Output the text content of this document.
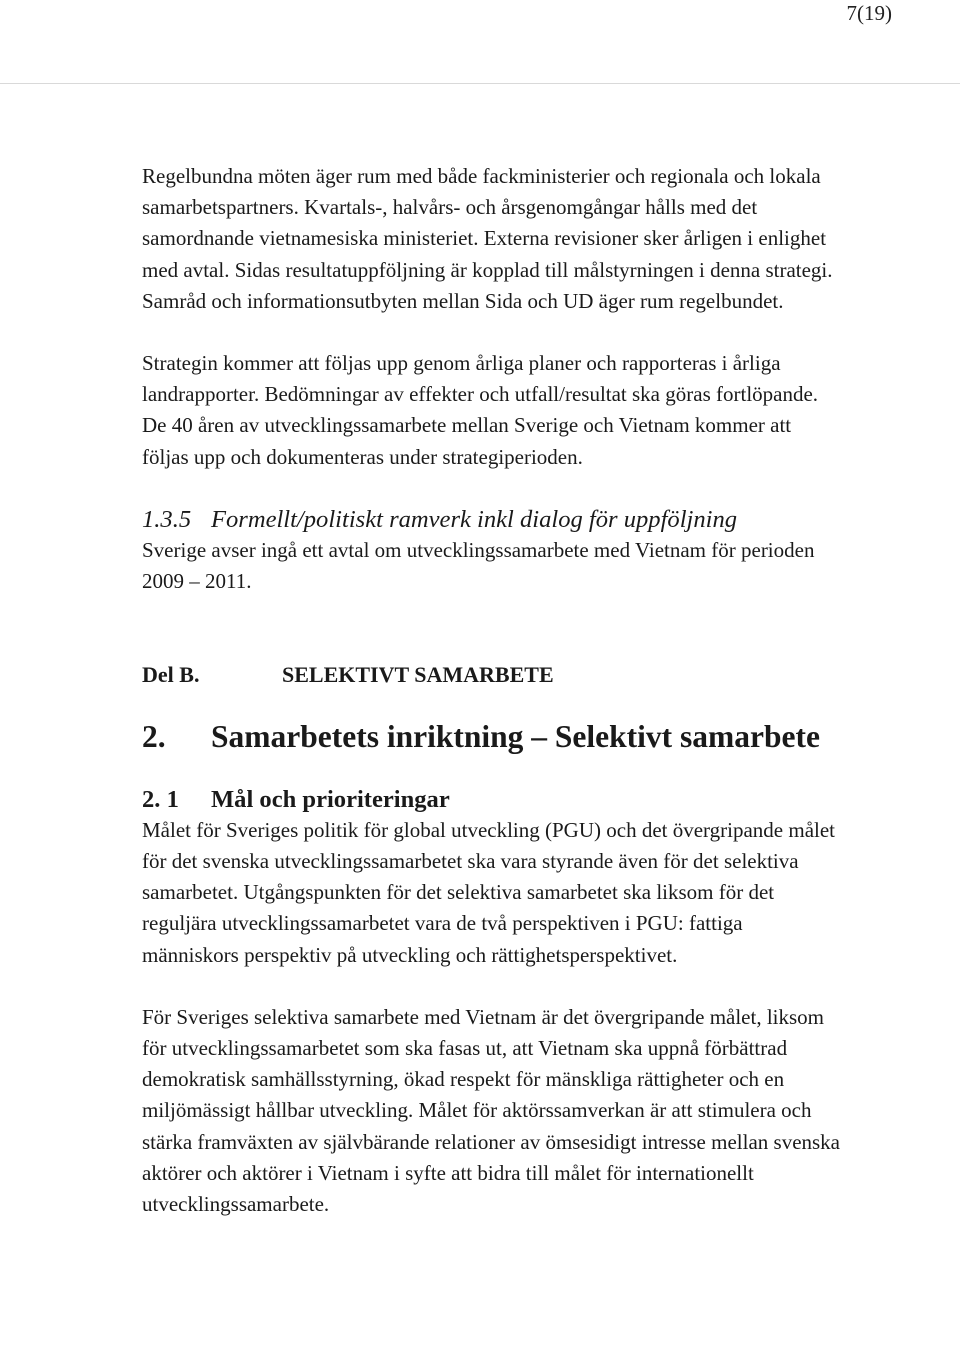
7(19)

Regelbundna möten äger rum med både fackministerier och regionala och lokala samarbetspartners. Kvartals-, halvårs- och årsgenomgångar hålls med det samordnande vietnamesiska ministeriet. Externa revisioner sker årligen i enlighet med avtal. Sidas resultatuppföljning är kopplad till målstyrningen i denna strategi. Samråd och informationsutbyten mellan Sida och UD äger rum regelbundet.

Strategin kommer att följas upp genom årliga planer och rapporteras i årliga landrapporter. Bedömningar av effekter och utfall/resultat ska göras fortlöpande. De 40 åren av utvecklingssamarbete mellan Sverige och Vietnam kommer att följas upp och dokumenteras under strategiperioden.

1.3.5 Formellt/politiskt ramverk inkl dialog för uppföljning

Sverige avser ingå ett avtal om utvecklingssamarbete med Vietnam för perioden 2009 – 2011.

Del B.	SELEKTIVT SAMARBETE
2. Samarbetets inriktning – Selektivt samarbete
2. 1 Mål och prioriteringar

Målet för Sveriges politik för global utveckling (PGU) och det övergripande målet för det svenska utvecklingssamarbetet ska vara styrande även för det selektiva samarbetet. Utgångspunkten för det selektiva samarbetet ska liksom för det reguljära utvecklingssamarbetet vara de två perspektiven i PGU: fattiga människors perspektiv på utveckling och rättighetsperspektivet.

För Sveriges selektiva samarbete med Vietnam är det övergripande målet, liksom för utvecklingssamarbetet som ska fasas ut, att Vietnam ska uppnå förbättrad demokratisk samhällsstyrning, ökad respekt för mänskliga rättigheter och en miljömässigt hållbar utveckling. Målet för aktörssamverkan är att stimulera och stärka framväxten av självbärande relationer av ömsesidigt intresse mellan svenska aktörer och aktörer i Vietnam i syfte att bidra till målet för internationellt utvecklingssamarbete.
